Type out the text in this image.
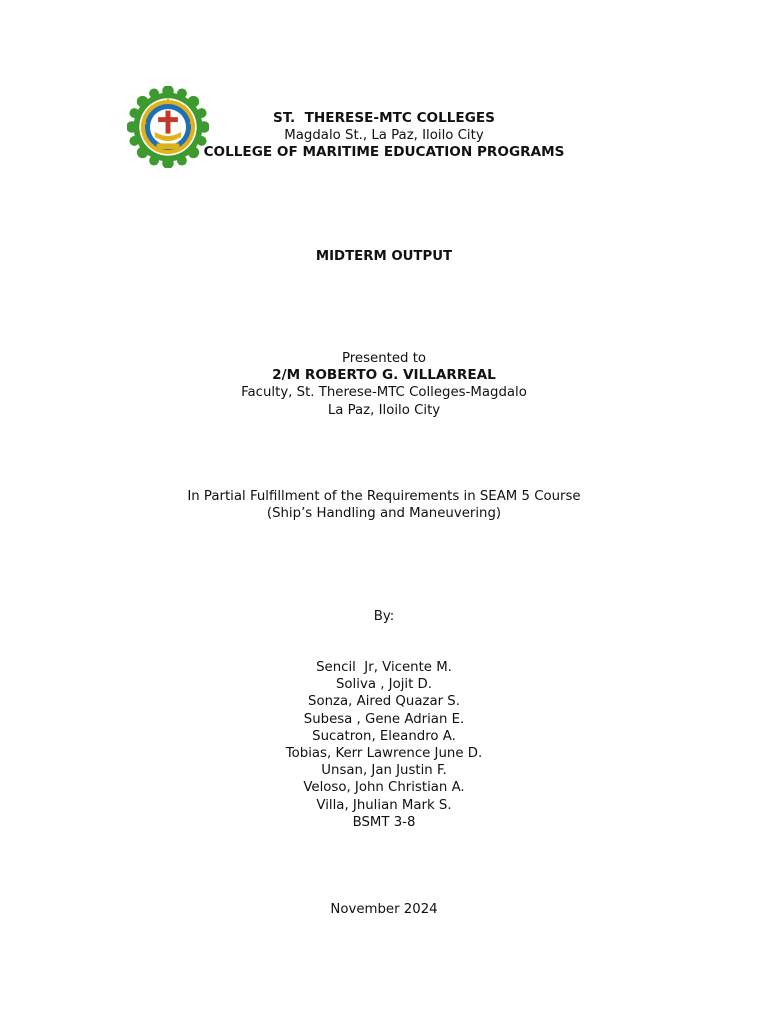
ST.  THERESE-MTC COLLEGES
Magdalo St., La Paz, Iloilo City
COLLEGE OF MARITIME EDUCATION PROGRAMS
MIDTERM OUTPUT
Presented to
2/M ROBERTO G. VILLARREAL
Faculty, St. Therese-MTC Colleges-Magdalo
La Paz, Iloilo City
In Partial Fulfillment of the Requirements in SEAM 5 Course
(Ship’s Handling and Maneuvering)
By:
Sencil  Jr, Vicente M.
Soliva , Jojit D.
Sonza, Aired Quazar S.
Subesa , Gene Adrian E.
Sucatron, Eleandro A.
Tobias, Kerr Lawrence June D.
Unsan, Jan Justin F.
Veloso, John Christian A.
Villa, Jhulian Mark S.
BSMT 3-8
November 2024
